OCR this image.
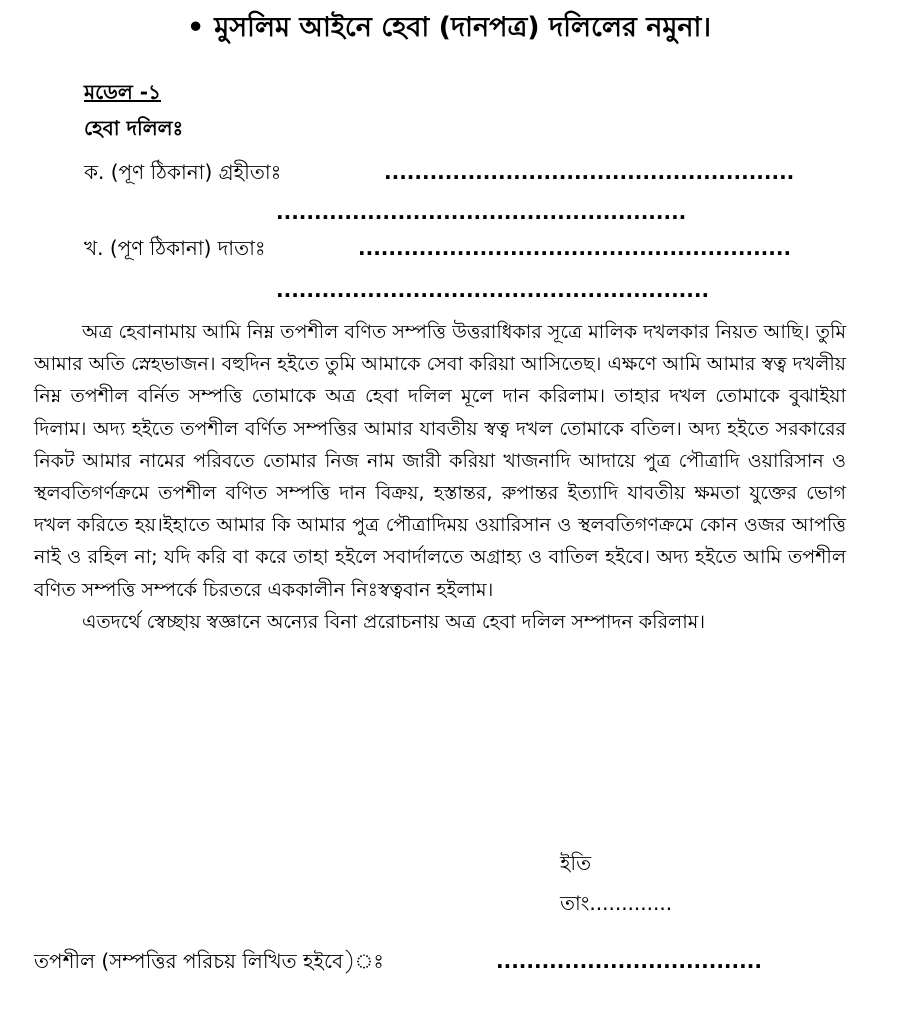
• মুসলিম আইনে হেবা (দানপত্র) দলিলের নমুনা।
মডেল -১
হেবা দলিলঃ
ক. (পূণ ঠিকানা) গ্রহীতাঃ	......................................................
......................................................
খ. (পূণ ঠিকানা) দাতাঃ	.........................................................
.........................................................

অত্র হেবানামায় আমি নিম্ন তপশীল বণিত সম্পত্তি উত্তরাধিকার সূত্রে মালিক দখলকার নিয়ত আছি। তুমি আমার অতি স্নেহভাজন। বহুদিন হইতে তুমি আমাকে সেবা করিয়া আসিতেছ। এক্ষণে আমি আমার স্বত্ব দখলীয় নিম্ন তপশীল বর্নিত সম্পত্তি তোমাকে অত্র হেবা দলিল মূলে দান করিলাম। তাহার দখল তোমাকে বুঝাইয়া দিলাম। অদ্য হইতে তপশীল বর্ণিত সম্পত্তির আমার যাবতীয় স্বত্ব দখল তোমাকে বতিল। অদ্য হইতে সরকারের নিকট আমার নামের পরিবতে তোমার নিজ নাম জারী করিয়া খাজনাদি আদায়ে পুত্র পৌত্রাদি ওয়ারিসান ও স্থলবতিগর্ণক্রমে তপশীল বণিত সম্পত্তি দান বিক্রয়, হস্তান্তর, রুপান্তর ইত্যাদি যাবতীয় ক্ষমতা যুক্তের ভোগ দখল করিতে হয়।ইহাতে আমার কি আমার পুত্র পৌত্রাদিময় ওয়ারিসান ও স্থলবতিগণক্রমে কোন ওজর আপত্তি নাই ও রহিল না; যদি করি বা করে তাহা হইলে সবার্দালতে অগ্রাহ্য ও বাতিল হইবে। অদ্য হইতে আমি তপশীল বণিত সম্পত্তি সম্পর্কে চিরতরে এককালীন নিঃস্বত্ববান হইলাম।

এতদর্থে স্বেচ্ছায় স্বজ্ঞানে অন্যের বিনা প্ররোচনায় অত্র হেবা দলিল সম্পাদন করিলাম।

ইতি
তাং.............
তপশীল (সম্পত্তির পরিচয় লিখিত হইবে)ঃ	...................................
